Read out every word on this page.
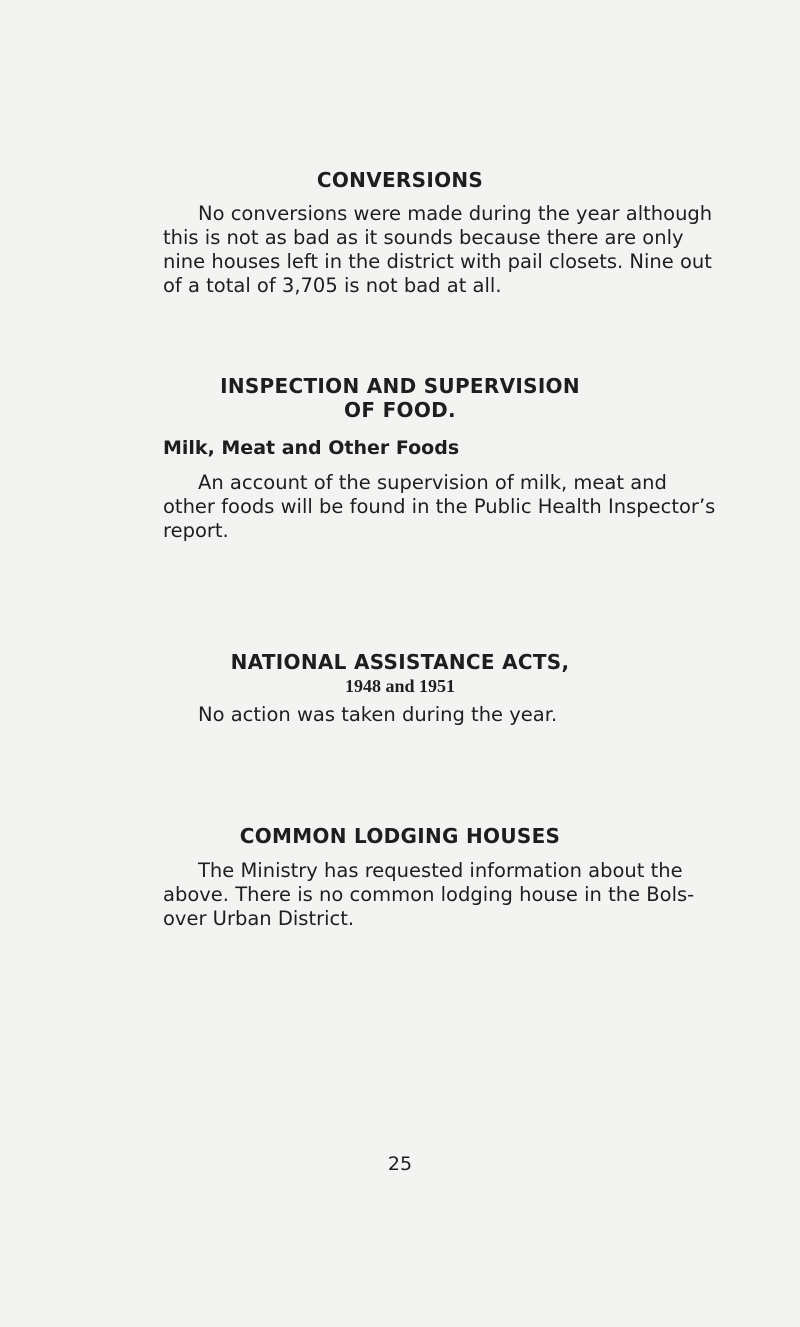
CONVERSIONS
No conversions were made during the year although
this is not as bad as it sounds because there are only
nine houses left in the district with pail closets. Nine out
of a total of 3,705 is not bad at all.
INSPECTION AND SUPERVISION
OF FOOD.
Milk, Meat and Other Foods
An account of the supervision of milk, meat and
other foods will be found in the Public Health Inspector’s
report.
NATIONAL ASSISTANCE ACTS,
1948 and 1951
No action was taken during the year.
COMMON LODGING HOUSES
The Ministry has requested information about the
above. There is no common lodging house in the Bols-
over Urban District.
25
